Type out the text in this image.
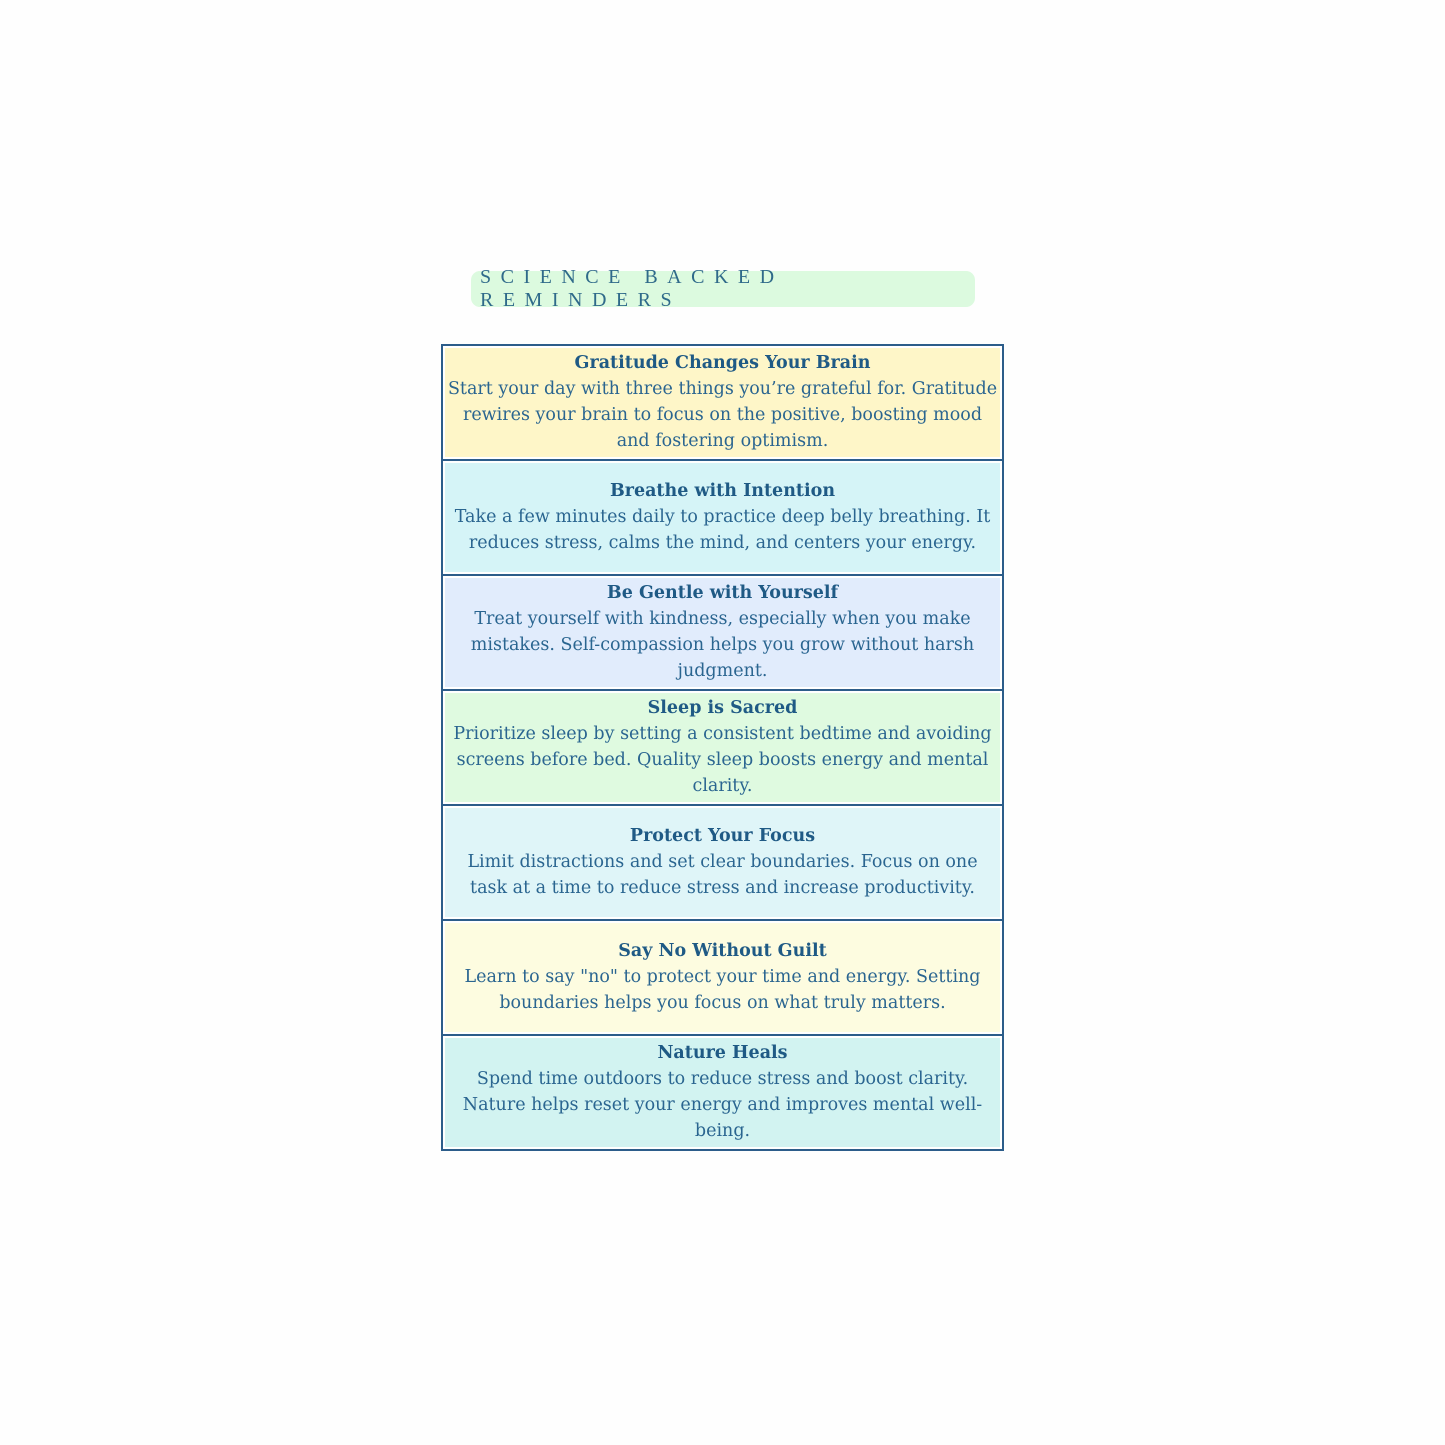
SCIENCE BACKED REMINDERS
Gratitude Changes Your Brain

Start your day with three things you’re grateful for. Gratitude rewires your brain to focus on the positive, boosting mood and fostering optimism.

Breathe with Intention

Take a few minutes daily to practice deep belly breathing. It reduces stress, calms the mind, and centers your energy.

Be Gentle with Yourself

Treat yourself with kindness, especially when you make mistakes. Self-compassion helps you grow without harsh judgment.

Sleep is Sacred

Prioritize sleep by setting a consistent bedtime and avoiding screens before bed. Quality sleep boosts energy and mental clarity.

Protect Your Focus

Limit distractions and set clear boundaries. Focus on one task at a time to reduce stress and increase productivity.

Say No Without Guilt

Learn to say "no" to protect your time and energy. Setting boundaries helps you focus on what truly matters.

Nature Heals

Spend time outdoors to reduce stress and boost clarity. Nature helps reset your energy and improves mental well-being.
